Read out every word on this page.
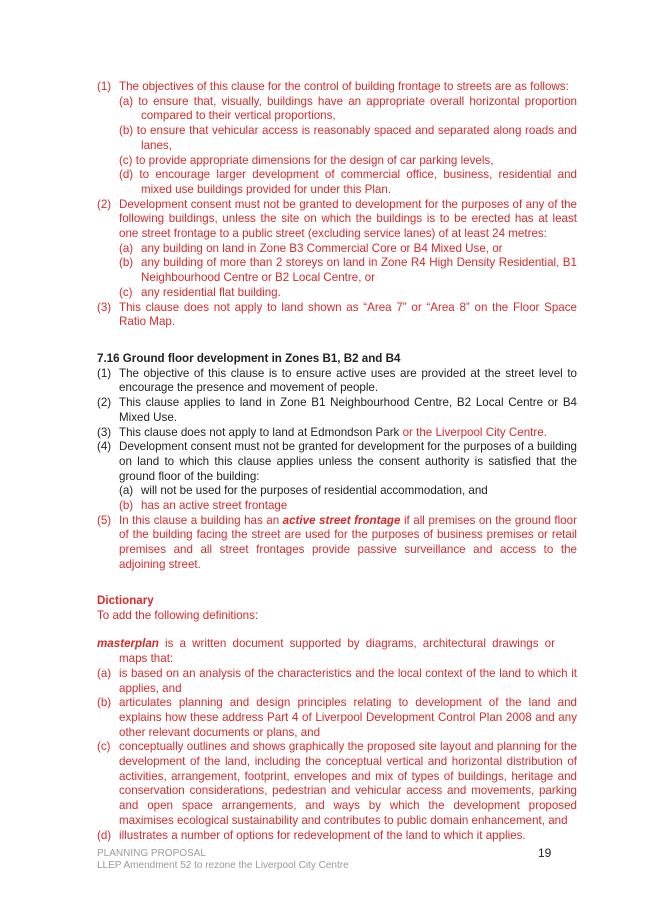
(1) The objectives of this clause for the control of building frontage to streets are as follows:
(a) to ensure that, visually, buildings have an appropriate overall horizontal proportion compared to their vertical proportions,
(b) to ensure that vehicular access is reasonably spaced and separated along roads and lanes,
(c) to provide appropriate dimensions for the design of car parking levels,
(d) to encourage larger development of commercial office, business, residential and mixed use buildings provided for under this Plan.
(2) Development consent must not be granted to development for the purposes of any of the following buildings, unless the site on which the buildings is to be erected has at least one street frontage to a public street (excluding service lanes) of at least 24 metres:
(a) any building on land in Zone B3 Commercial Core or B4 Mixed Use, or
(b) any building of more than 2 storeys on land in Zone R4 High Density Residential, B1 Neighbourhood Centre or B2 Local Centre, or
(c) any residential flat building.
(3) This clause does not apply to land shown as “Area 7” or “Area 8” on the Floor Space Ratio Map.
7.16 Ground floor development in Zones B1, B2 and B4
(1) The objective of this clause is to ensure active uses are provided at the street level to encourage the presence and movement of people.
(2) This clause applies to land in Zone B1 Neighbourhood Centre, B2 Local Centre or B4 Mixed Use.
(3) This clause does not apply to land at Edmondson Park or the Liverpool City Centre.
(4) Development consent must not be granted for development for the purposes of a building on land to which this clause applies unless the consent authority is satisfied that the ground floor of the building:
(a) will not be used for the purposes of residential accommodation, and
(b) has an active street frontage
(5) In this clause a building has an active street frontage if all premises on the ground floor of the building facing the street are used for the purposes of business premises or retail premises and all street frontages provide passive surveillance and access to the adjoining street.
Dictionary
To add the following definitions:
masterplan is a written document supported by diagrams, architectural drawings or maps that:
(a) is based on an analysis of the characteristics and the local context of the land to which it applies, and
(b) articulates planning and design principles relating to development of the land and explains how these address Part 4 of Liverpool Development Control Plan 2008 and any other relevant documents or plans, and
(c) conceptually outlines and shows graphically the proposed site layout and planning for the development of the land, including the conceptual vertical and horizontal distribution of activities, arrangement, footprint, envelopes and mix of types of buildings, heritage and conservation considerations, pedestrian and vehicular access and movements, parking and open space arrangements, and ways by which the development proposed maximises ecological sustainability and contributes to public domain enhancement, and
(d) illustrates a number of options for redevelopment of the land to which it applies.
PLANNING PROPOSAL
LLEP Amendment 52 to rezone the Liverpool City Centre
19
